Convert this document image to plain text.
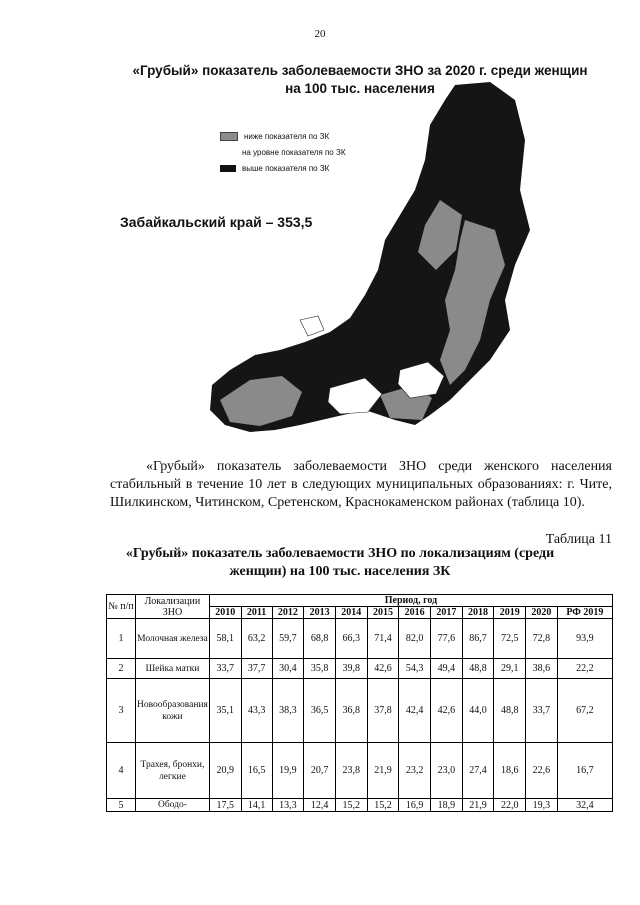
20
«Грубый» показатель заболеваемости ЗНО за 2020 г. среди женщин
на 100 тыс. населения
ниже показателя по ЗК
на уровне показателя по ЗК
выше показателя по ЗК
Забайкальский край – 353,5
«Грубый» показатель заболеваемости ЗНО среди женского населения стабильный в течение 10 лет в следующих муниципальных образованиях: г. Чите, Шилкинском, Читинском, Сретенском, Краснокаменском районах (таблица 10).
Таблица 11
«Грубый» показатель заболеваемости ЗНО по локализациям (среди женщин) на 100 тыс. населения ЗК
№ п/п	Локализации ЗНО	Период, год											
		2010	2011	2012	2013	2014	2015	2016	2017	2018	2019	2020	РФ 2019
1	Молочная железа	58,1	63,2	59,7	68,8	66,3	71,4	82,0	77,6	86,7	72,5	72,8	93,9
2	Шейка матки	33,7	37,7	30,4	35,8	39,8	42,6	54,3	49,4	48,8	29,1	38,6	22,2
3	Новообразования кожи	35,1	43,3	38,3	36,5	36,8	37,8	42,4	42,6	44,0	48,8	33,7	67,2
4	Трахея, бронхи, легкие	20,9	16,5	19,9	20,7	23,8	21,9	23,2	23,0	27,4	18,6	22,6	16,7
5	Ободо-	17,5	14,1	13,3	12,4	15,2	15,2	16,9	18,9	21,9	22,0	19,3	32,4
